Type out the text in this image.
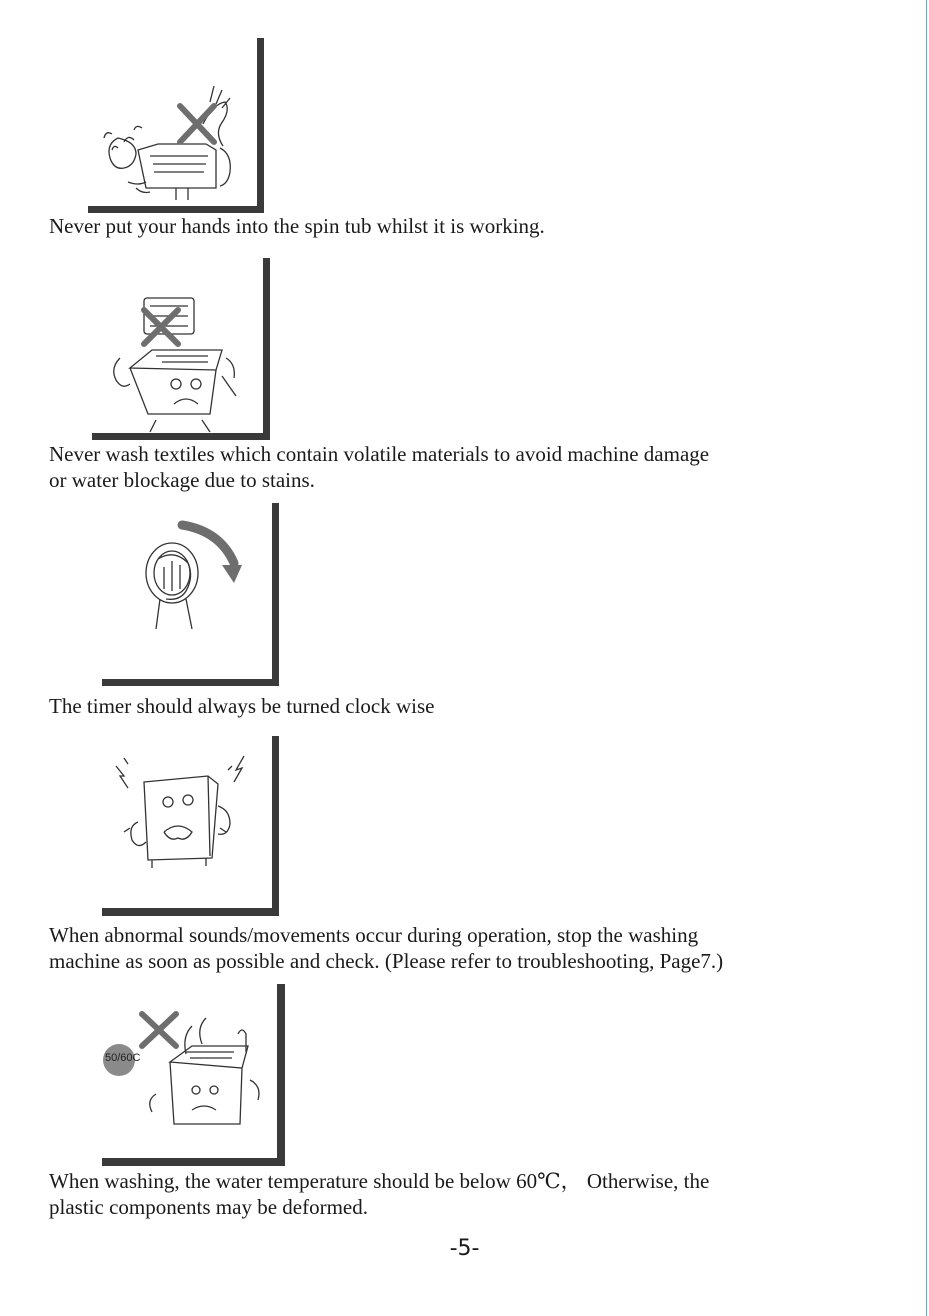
Never put your hands into the spin tub whilst it is working.

Never wash textiles which contain volatile materials to avoid machine damage
or water blockage due to stains.

The timer should always be turned clock wise

When abnormal sounds/movements occur during operation, stop the washing
machine as soon as possible and check. (Please refer to troubleshooting, Page7.)

50/60C

When washing, the water temperature should be below 60℃， Otherwise, the
plastic components may be deformed.

-5-
